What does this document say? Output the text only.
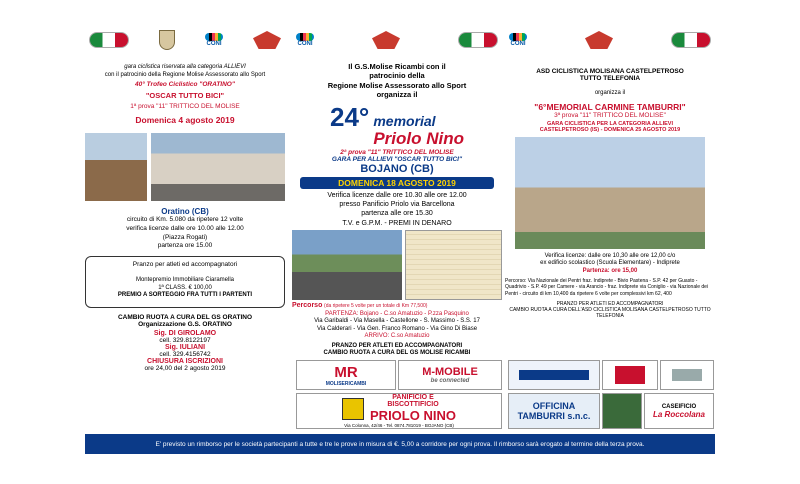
CONI
gara ciclistica riservata alla categoria ALLIEVI
con il patrocinio della Regione Molise Assessorato allo Sport
40° Trofeo Ciclistico "ORATINO"
"OSCAR TUTTO BICI"
1ª prova "11" TRITTICO DEL MOLISE
Domenica 4 agosto 2019
Oratino (CB)
circuito di Km. 5.080 da ripetere 12 volte
verifica licenze dalle ore 10.00 alle 12.00
(Piazza Rogati)
partenza ore 15.00
Pranzo per atleti ed accompagnatori
Montepremio Immobiliare Ciaramella
1ª CLASS. € 100,00
PREMIO A SORTEGGIO FRA TUTTI I PARTENTI
CAMBIO RUOTA A CURA DEL GS ORATINO
Organizzazione G.S. ORATINO
Sig. DI GIROLAMO
cell. 329.8122197
Sig. IULIANI
cell. 329.4156742
CHIUSURA ISCRIZIONI
ore 24,00 del 2 agosto 2019
CONI
Il G.S.Molise Ricambi con il
patrocinio della
Regione Molise Assessorato allo Sport
organizza il
24° memorial
Priolo Nino
2ª prova "11" TRITTICO DEL MOLISE
GARA PER ALLIEVI "OSCAR TUTTO BICI"
BOJANO (CB)
DOMENICA 18 AGOSTO 2019
Verifica licenze dalle ore 10.30 alle ore 12.00
presso Panificio Priolo via Barcellona
partenza alle ore 15.30
T.V. e G.P.M. - PREMI IN DENARO
Percorso (da ripetere 5 volte per un totale di Km 77,500)
PARTENZA: Bojano - C.so Amatuzio - P.zza Pasquino
Via Garibaldi - Via Masella - Castellone - S. Massimo - S.S. 17
Via Calderari - Via Gen. Franco Romano - Via Gino Di Biase
ARRIVO: C.so Amatuzio
PRANZO PER ATLETI ED ACCOMPAGNATORI
CAMBIO RUOTA A CURA DEL GS MOLISE RICAMBI
MR
MOLISERICAMBI
M-MOBILE
be connected
PANIFICIO E
BISCOTTIFICIO
PRIOLO NINO
Via Colonna, 42/46 - Tel. 0874.781019 - BOJANO (CB)
CONI
ASD CICLISTICA MOLISANA CASTELPETROSO
TUTTO TELEFONIA
organizza il
"6°MEMORIAL CARMINE TAMBURRI"
3ª prova "11" TRITTICO DEL MOLISE"
GARA CICLISTICA PER LA CATEGORIA ALLIEVI
CASTELPETROSO (IS) - DOMENICA 25 AGOSTO 2019
Verifica licenze: dalle ore 10,30 alle ore 12,00 c/o
ex edificio scolastico (Scuola Elementare) - Indiprete
Partenza: ore 15,00
Percorso: Via Nazionale dei Pentri fraz. Indiprete - Bivio Pastena - S.P. 42 per Guasto - Quadrivio - S.P. 49 per Camere - via Arancio - fraz. Indiprete via Coniglio - via Nazionale dei Pentri - circuito di km 10,400 da ripetere 6 volte per complessivi km 62, 400
PRANZO PER ATLETI ED ACCOMPAGNATORI
CAMBIO RUOTA A CURA DELL'ASD CICLISTICA MOLISANA CASTELPETROSO TUTTO TELEFONIA
OFFICINA
TAMBURRI s.n.c.
CASEIFICIO
La Roccolana
E' previsto un rimborso per le società partecipanti a tutte e tre le prove in misura di €. 5,00 a corridore per ogni prova. Il rimborso sarà erogato al termine della terza prova.
